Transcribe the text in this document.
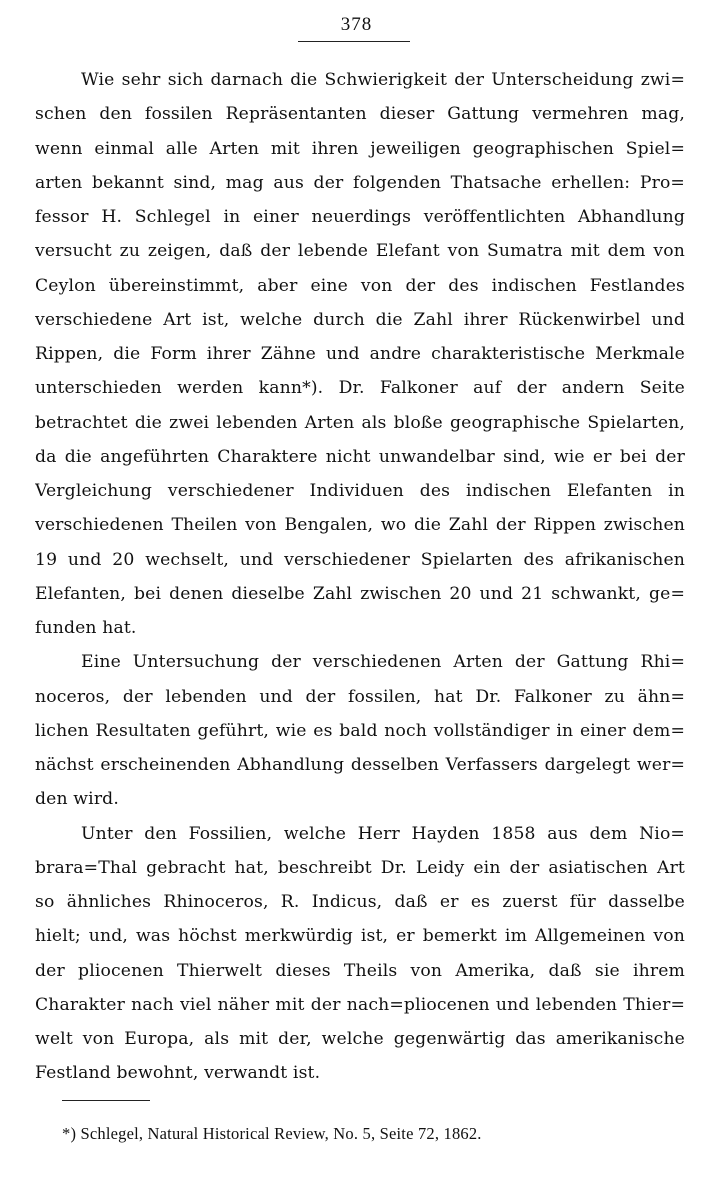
378
Wie sehr sich darnach die Schwierigkeit der Unterscheidung zwi=
schen den fossilen Repräsentanten dieser Gattung vermehren mag,
wenn einmal alle Arten mit ihren jeweiligen geographischen Spiel=
arten bekannt sind, mag aus der folgenden Thatsache erhellen: Pro=
fessor H. Schlegel in einer neuerdings veröffentlichten Abhandlung
versucht zu zeigen, daß der lebende Elefant von Sumatra mit dem von
Ceylon übereinstimmt, aber eine von der des indischen Festlandes
verschiedene Art ist, welche durch die Zahl ihrer Rückenwirbel und
Rippen, die Form ihrer Zähne und andre charakteristische Merkmale
unterschieden werden kann*). Dr. Falkoner auf der andern Seite
betrachtet die zwei lebenden Arten als bloße geographische Spielarten,
da die angeführten Charaktere nicht unwandelbar sind, wie er bei der
Vergleichung verschiedener Individuen des indischen Elefanten in
verschiedenen Theilen von Bengalen, wo die Zahl der Rippen zwischen
19 und 20 wechselt, und verschiedener Spielarten des afrikanischen
Elefanten, bei denen dieselbe Zahl zwischen 20 und 21 schwankt, ge=
funden hat.
Eine Untersuchung der verschiedenen Arten der Gattung Rhi=
noceros, der lebenden und der fossilen, hat Dr. Falkoner zu ähn=
lichen Resultaten geführt, wie es bald noch vollständiger in einer dem=
nächst erscheinenden Abhandlung desselben Verfassers dargelegt wer=
den wird.
Unter den Fossilien, welche Herr Hayden 1858 aus dem Nio=
brara=Thal gebracht hat, beschreibt Dr. Leidy ein der asiatischen Art
so ähnliches Rhinoceros, R. Indicus, daß er es zuerst für dasselbe
hielt; und, was höchst merkwürdig ist, er bemerkt im Allgemeinen von
der pliocenen Thierwelt dieses Theils von Amerika, daß sie ihrem
Charakter nach viel näher mit der nach=pliocenen und lebenden Thier=
welt von Europa, als mit der, welche gegenwärtig das amerikanische
Festland bewohnt, verwandt ist.
*) Schlegel, Natural Historical Review, No. 5, Seite 72, 1862.
